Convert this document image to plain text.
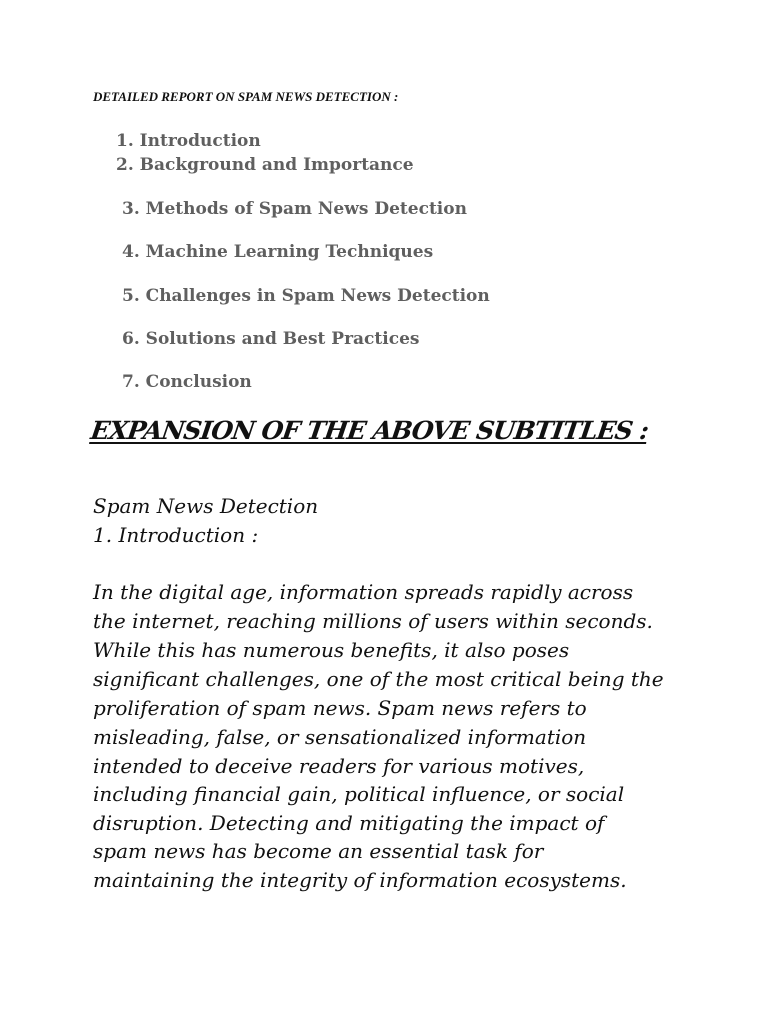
DETAILED REPORT ON SPAM NEWS DETECTION :
1. Introduction
2. Background and Importance
3. Methods of Spam News Detection
4. Machine Learning Techniques
5. Challenges in Spam News Detection
6. Solutions and Best Practices
7. Conclusion
EXPANSION OF THE ABOVE SUBTITLES :
Spam News Detection
1. Introduction :
In the digital age, information spreads rapidly across
the internet, reaching millions of users within seconds.
While this has numerous benefits, it also poses
significant challenges, one of the most critical being the
proliferation of spam news. Spam news refers to
misleading, false, or sensationalized information
intended to deceive readers for various motives,
including financial gain, political influence, or social
disruption. Detecting and mitigating the impact of
spam news has become an essential task for
maintaining the integrity of information ecosystems.
